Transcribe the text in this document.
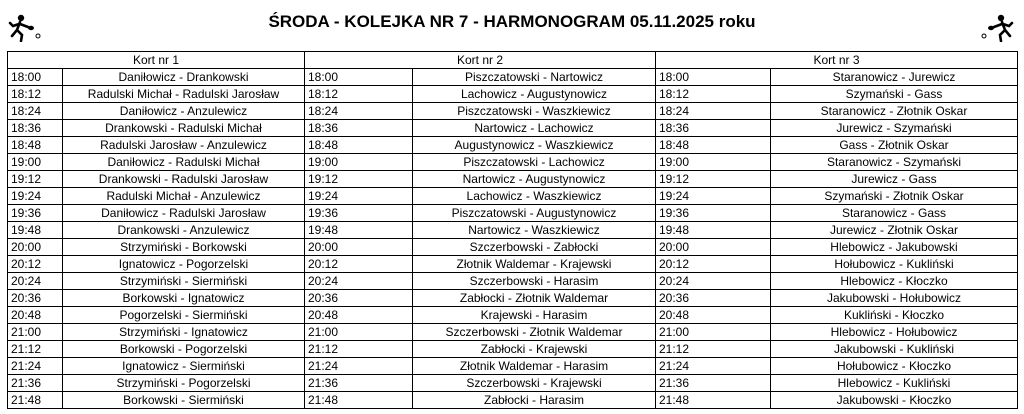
ŚRODA - KOLEJKA NR 7 - HARMONOGRAM 05.11.2025 roku
Kort nr 1		Kort nr 2		Kort nr 3	
18:00	Daniłowicz - Drankowski	18:00	Piszczatowski - Nartowicz	18:00	Staranowicz - Jurewicz
18:12	Radulski Michał - Radulski Jarosław	18:12	Lachowicz - Augustynowicz	18:12	Szymański - Gass
18:24	Daniłowicz - Anzulewicz	18:24	Piszczatowski - Waszkiewicz	18:24	Staranowicz - Złotnik Oskar
18:36	Drankowski - Radulski Michał	18:36	Nartowicz - Lachowicz	18:36	Jurewicz - Szymański
18:48	Radulski Jarosław - Anzulewicz	18:48	Augustynowicz - Waszkiewicz	18:48	Gass - Złotnik Oskar
19:00	Daniłowicz - Radulski Michał	19:00	Piszczatowski - Lachowicz	19:00	Staranowicz - Szymański
19:12	Drankowski - Radulski Jarosław	19:12	Nartowicz - Augustynowicz	19:12	Jurewicz - Gass
19:24	Radulski Michał - Anzulewicz	19:24	Lachowicz - Waszkiewicz	19:24	Szymański - Złotnik Oskar
19:36	Daniłowicz - Radulski Jarosław	19:36	Piszczatowski - Augustynowicz	19:36	Staranowicz - Gass
19:48	Drankowski - Anzulewicz	19:48	Nartowicz - Waszkiewicz	19:48	Jurewicz - Złotnik Oskar
20:00	Strzymiński - Borkowski	20:00	Szczerbowski - Zabłocki	20:00	Hlebowicz - Jakubowski
20:12	Ignatowicz - Pogorzelski	20:12	Złotnik Waldemar - Krajewski	20:12	Hołubowicz - Kukliński
20:24	Strzymiński - Siermiński	20:24	Szczerbowski - Harasim	20:24	Hlebowicz - Kłoczko
20:36	Borkowski - Ignatowicz	20:36	Zabłocki - Złotnik Waldemar	20:36	Jakubowski - Hołubowicz
20:48	Pogorzelski - Siermiński	20:48	Krajewski - Harasim	20:48	Kukliński - Kłoczko
21:00	Strzymiński - Ignatowicz	21:00	Szczerbowski - Złotnik Waldemar	21:00	Hlebowicz - Hołubowicz
21:12	Borkowski - Pogorzelski	21:12	Zabłocki - Krajewski	21:12	Jakubowski - Kukliński
21:24	Ignatowicz - Siermiński	21:24	Złotnik Waldemar - Harasim	21:24	Hołubowicz - Kłoczko
21:36	Strzymiński - Pogorzelski	21:36	Szczerbowski - Krajewski	21:36	Hlebowicz - Kukliński
21:48	Borkowski - Siermiński	21:48	Zabłocki - Harasim	21:48	Jakubowski - Kłoczko
